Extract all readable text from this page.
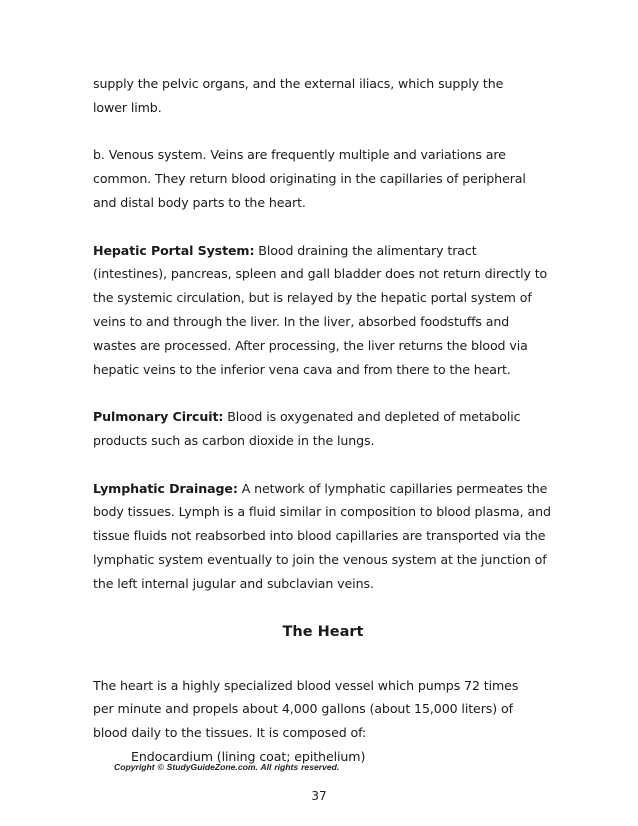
supply the pelvic organs, and the external iliacs, which supply the lower limb.

b. Venous system. Veins are frequently multiple and variations are common. They return blood originating in the capillaries of peripheral and distal body parts to the heart.

Hepatic Portal System: Blood draining the alimentary tract (intestines), pancreas, spleen and gall bladder does not return directly to the systemic circulation, but is relayed by the hepatic portal system of veins to and through the liver. In the liver, absorbed foodstuffs and wastes are processed. After processing, the liver returns the blood via hepatic veins to the inferior vena cava and from there to the heart.

Pulmonary Circuit: Blood is oxygenated and depleted of metabolic products such as carbon dioxide in the lungs.

Lymphatic Drainage: A network of lymphatic capillaries permeates the body tissues. Lymph is a fluid similar in composition to blood plasma, and tissue fluids not reabsorbed into blood capillaries are transported via the lymphatic system eventually to join the venous system at the junction of the left internal jugular and subclavian veins.

The Heart

The heart is a highly specialized blood vessel which pumps 72 times per minute and propels about 4,000 gallons (about 15,000 liters) of blood daily to the tissues. It is composed of:

Endocardium (lining coat; epithelium)

Copyright © StudyGuideZone.com. All rights reserved.
37
